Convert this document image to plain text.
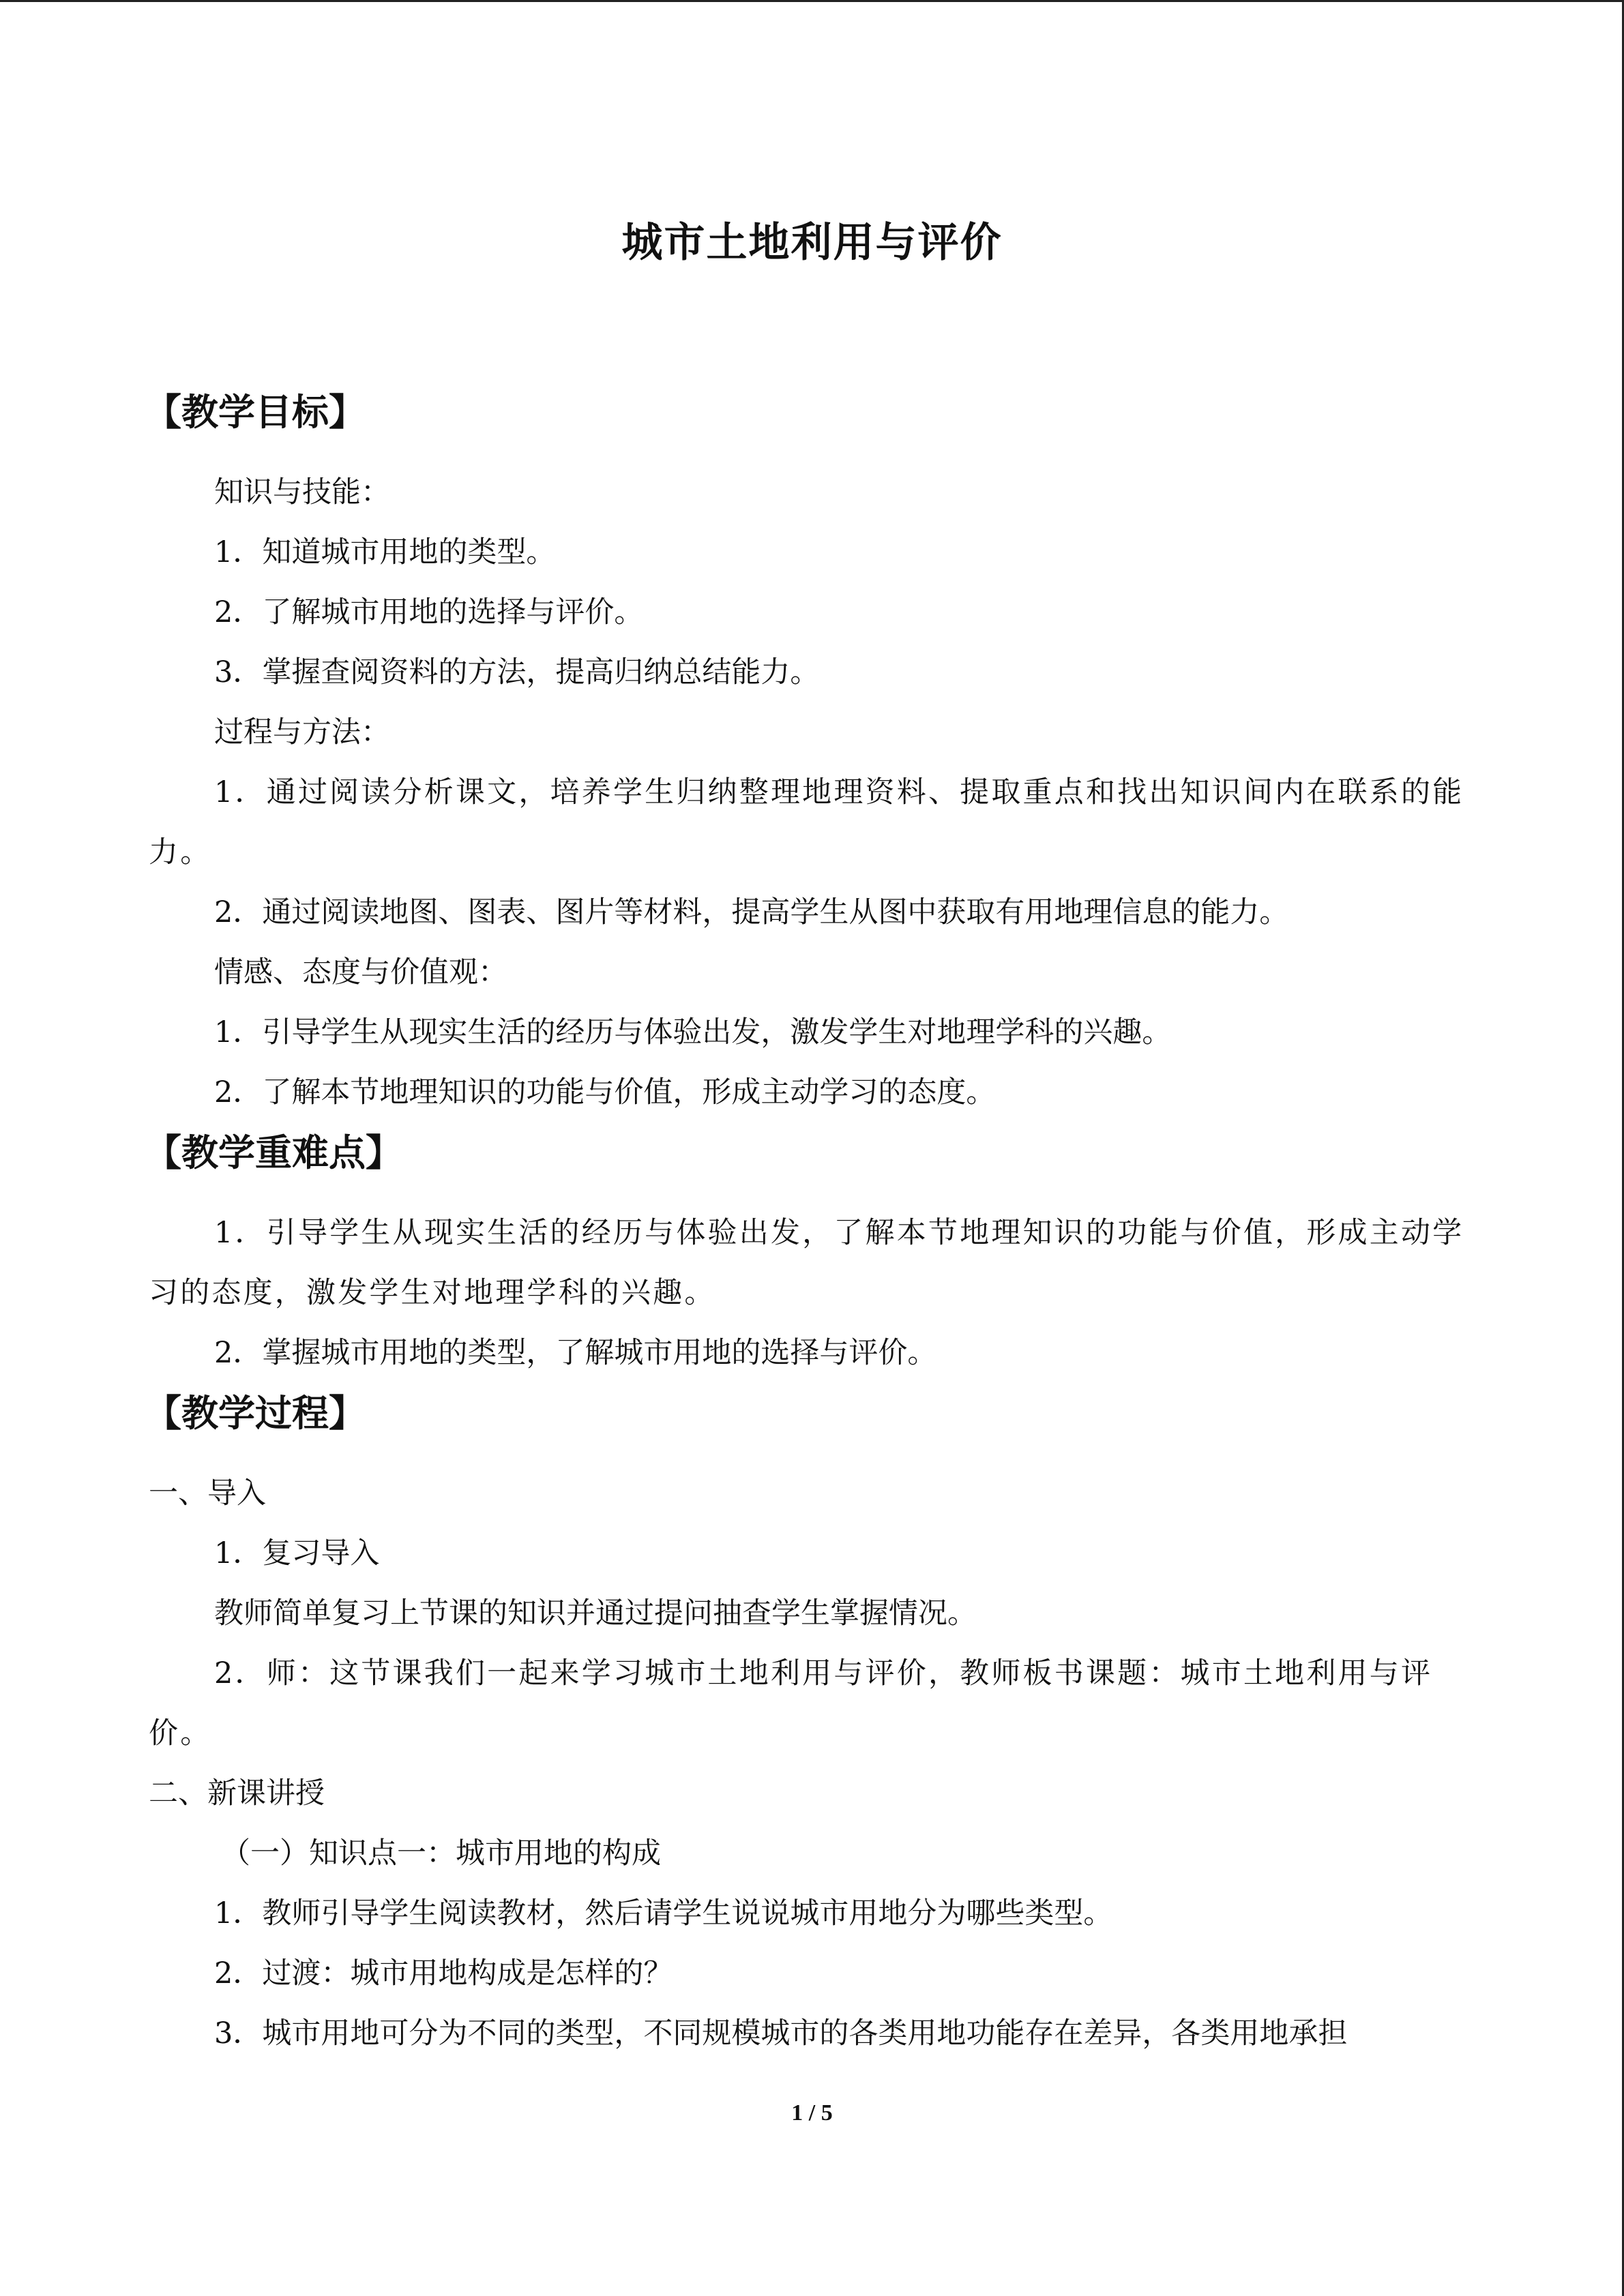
城市土地利用与评价
【教学目标】

知识与技能：

1．知道城市用地的类型。

2．了解城市用地的选择与评价。

3．掌握查阅资料的方法，提高归纳总结能力。

过程与方法：

1．通过阅读分析课文，培养学生归纳整理地理资料、提取重点和找出知识间内在联系的能力。

2．通过阅读地图、图表、图片等材料，提高学生从图中获取有用地理信息的能力。

情感、态度与价值观：

1．引导学生从现实生活的经历与体验出发，激发学生对地理学科的兴趣。

2．了解本节地理知识的功能与价值，形成主动学习的态度。

【教学重难点】

1．引导学生从现实生活的经历与体验出发，了解本节地理知识的功能与价值，形成主动学习的态度，激发学生对地理学科的兴趣。

2．掌握城市用地的类型，了解城市用地的选择与评价。

【教学过程】

一、导入

1．复习导入

教师简单复习上节课的知识并通过提问抽查学生掌握情况。

2．师：这节课我们一起来学习城市土地利用与评价，教师板书课题：城市土地利用与评价。

二、新课讲授

（一）知识点一：城市用地的构成

1．教师引导学生阅读教材，然后请学生说说城市用地分为哪些类型。

2．过渡：城市用地构成是怎样的？

3．城市用地可分为不同的类型，不同规模城市的各类用地功能存在差异，各类用地承担

1 / 5
